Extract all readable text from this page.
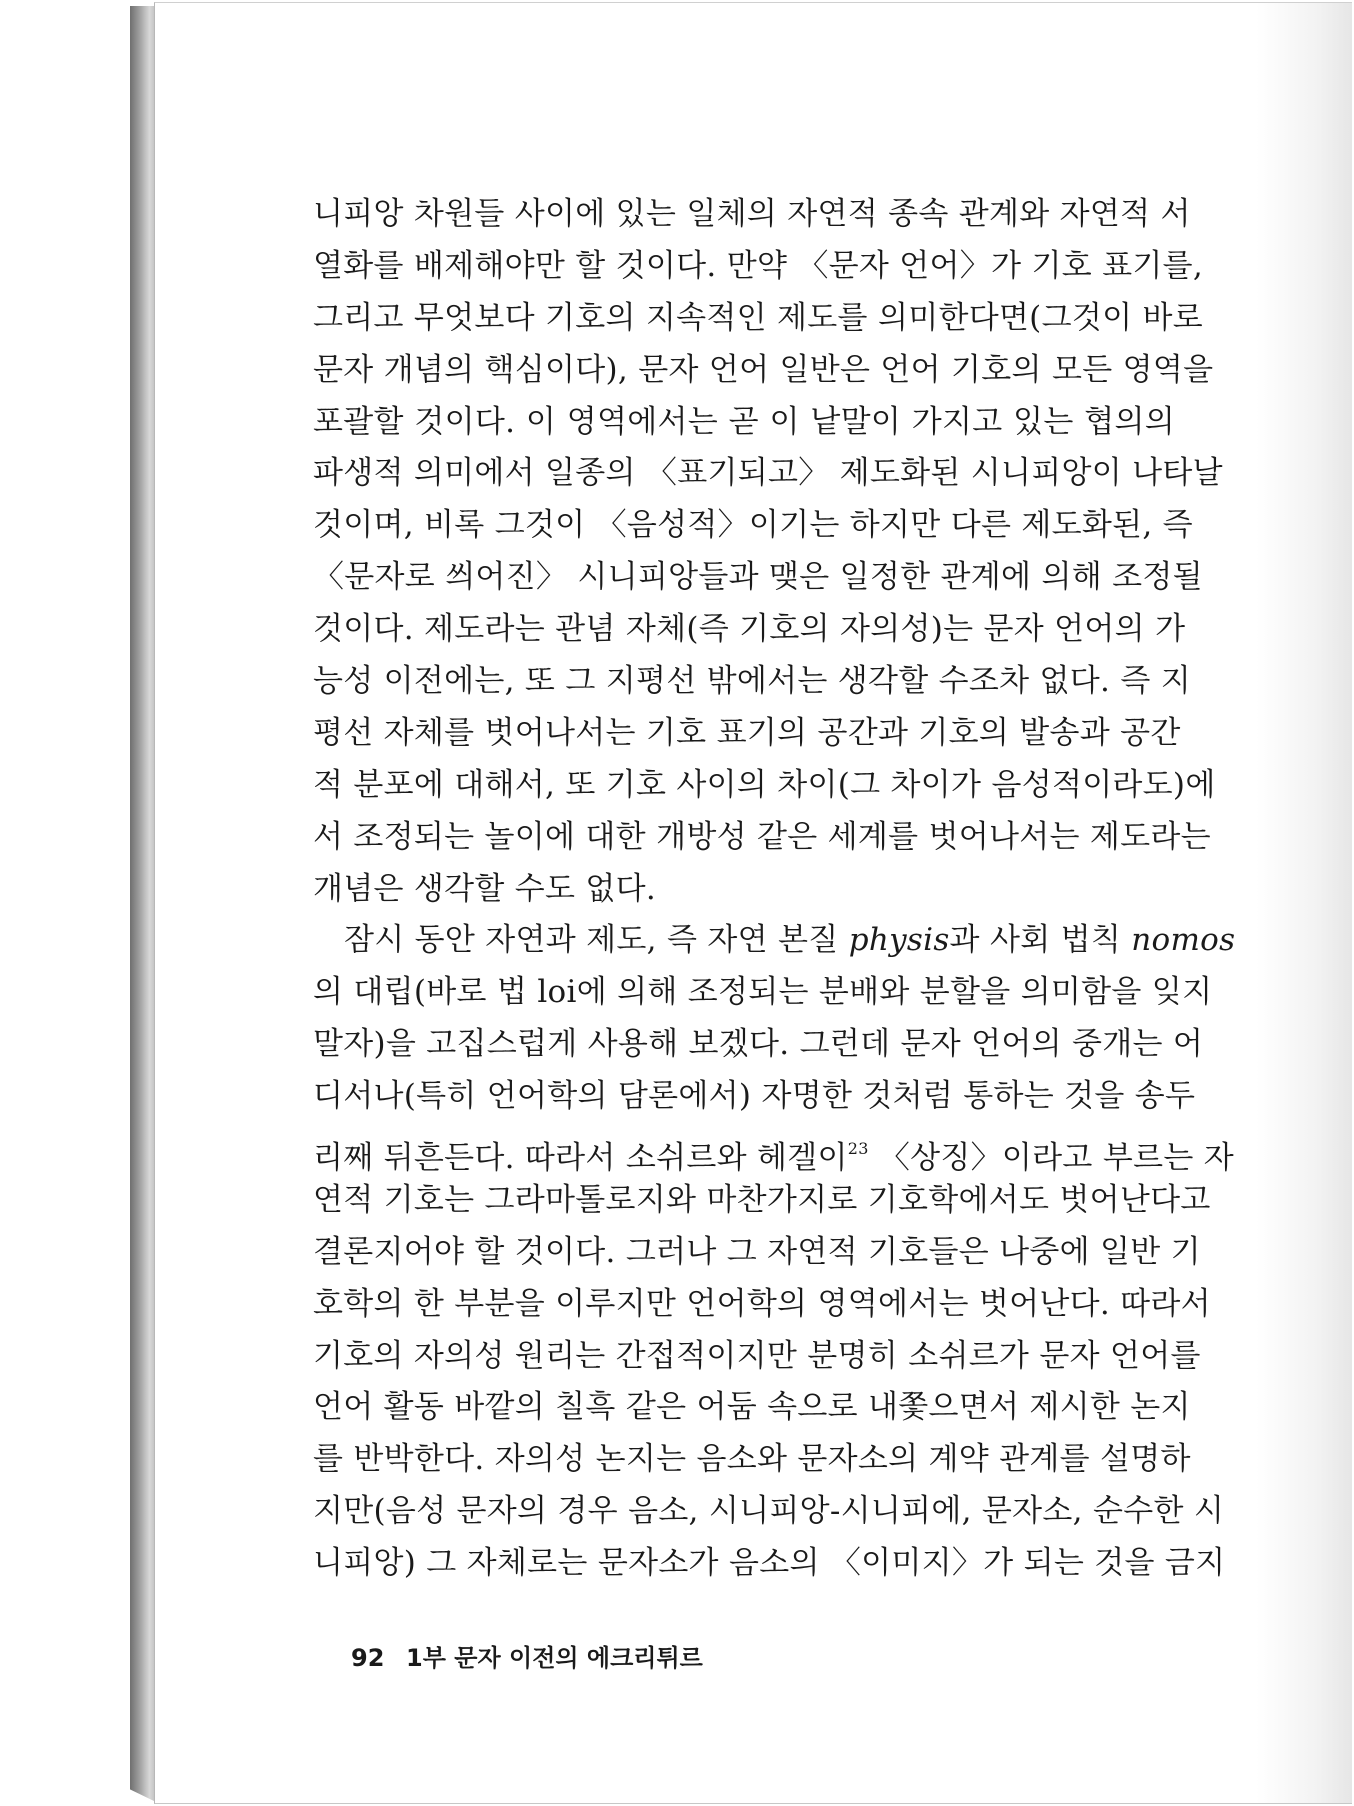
니피앙 차원들 사이에 있는 일체의 자연적 종속 관계와 자연적 서
열화를 배제해야만 할 것이다. 만약 〈문자 언어〉가 기호 표기를,
그리고 무엇보다 기호의 지속적인 제도를 의미한다면(그것이 바로
문자 개념의 핵심이다), 문자 언어 일반은 언어 기호의 모든 영역을
포괄할 것이다. 이 영역에서는 곧 이 낱말이 가지고 있는 협의의
파생적 의미에서 일종의 〈표기되고〉 제도화된 시니피앙이 나타날
것이며, 비록 그것이 〈음성적〉이기는 하지만 다른 제도화된, 즉
〈문자로 씌어진〉 시니피앙들과 맺은 일정한 관계에 의해 조정될
것이다. 제도라는 관념 자체(즉 기호의 자의성)는 문자 언어의 가
능성 이전에는, 또 그 지평선 밖에서는 생각할 수조차 없다. 즉 지
평선 자체를 벗어나서는 기호 표기의 공간과 기호의 발송과 공간
적 분포에 대해서, 또 기호 사이의 차이(그 차이가 음성적이라도)에
서 조정되는 놀이에 대한 개방성 같은 세계를 벗어나서는 제도라는
개념은 생각할 수도 없다.
잠시 동안 자연과 제도, 즉 자연 본질 physis과 사회 법칙 nomos
의 대립(바로 법 loi에 의해 조정되는 분배와 분할을 의미함을 잊지
말자)을 고집스럽게 사용해 보겠다. 그런데 문자 언어의 중개는 어
디서나(특히 언어학의 담론에서) 자명한 것처럼 통하는 것을 송두
리째 뒤흔든다. 따라서 소쉬르와 헤겔이$^{23}$ 〈상징〉이라고 부르는 자
연적 기호는 그라마톨로지와 마찬가지로 기호학에서도 벗어난다고
결론지어야 할 것이다. 그러나 그 자연적 기호들은 나중에 일반 기
호학의 한 부분을 이루지만 언어학의 영역에서는 벗어난다. 따라서
기호의 자의성 원리는 간접적이지만 분명히 소쉬르가 문자 언어를
언어 활동 바깥의 칠흑 같은 어둠 속으로 내쫓으면서 제시한 논지
를 반박한다. 자의성 논지는 음소와 문자소의 계약 관계를 설명하
지만(음성 문자의 경우 음소, 시니피앙-시니피에, 문자소, 순수한 시
니피앙) 그 자체로는 문자소가 음소의 〈이미지〉가 되는 것을 금지
92 1부 문자 이전의 에크리튀르
